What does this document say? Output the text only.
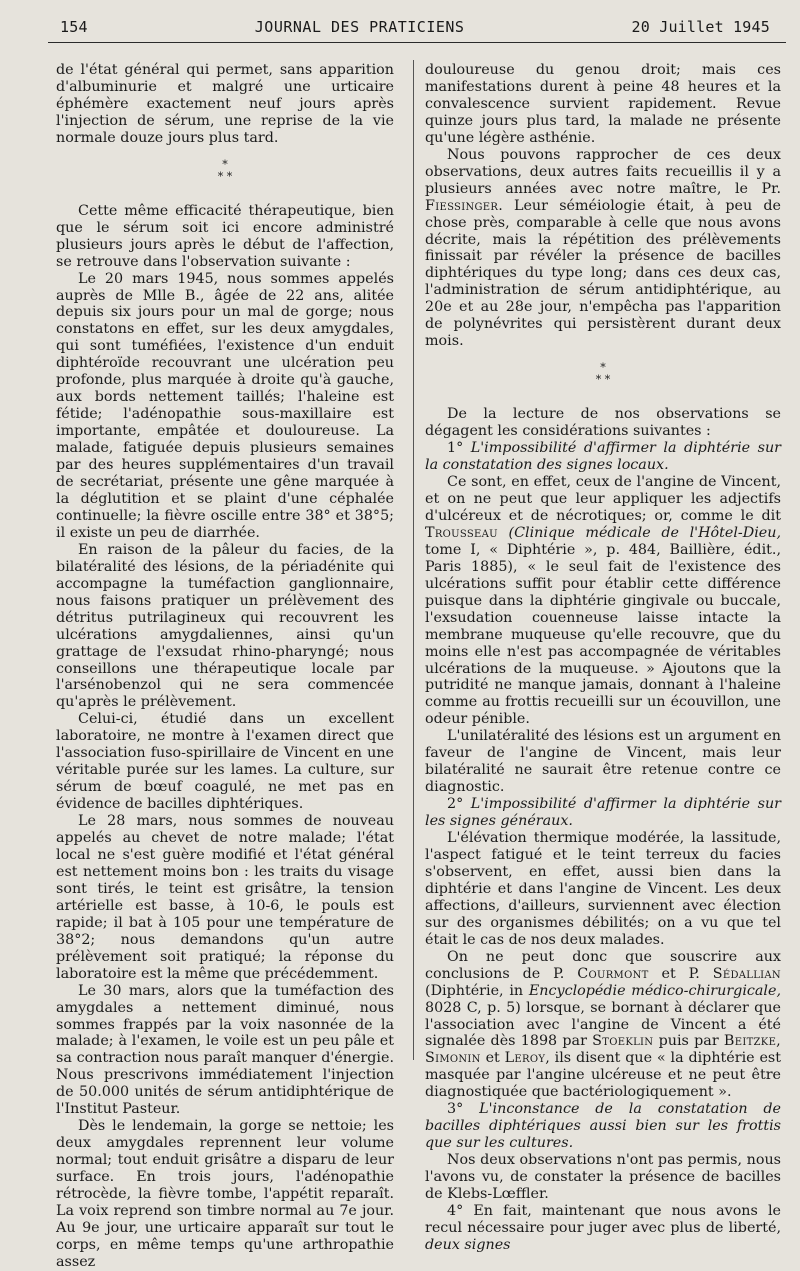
154	JOURNAL DES PRATICIENS	20 Juillet 1945

de l'état général qui permet, sans apparition d'albuminurie et malgré une urticaire éphémère exactement neuf jours après l'injection de sérum, une reprise de la vie normale douze jours plus tard.

*
* *

Cette même efficacité thérapeutique, bien que le sérum soit ici encore administré plusieurs jours après le début de l'affection, se retrouve dans l'observation suivante :

Le 20 mars 1945, nous sommes appelés auprès de Mlle B., âgée de 22 ans, alitée depuis six jours pour un mal de gorge; nous constatons en effet, sur les deux amygdales, qui sont tuméfiées, l'existence d'un enduit diphtéroïde recouvrant une ulcération peu profonde, plus marquée à droite qu'à gauche, aux bords nettement taillés; l'haleine est fétide; l'adénopathie sous-maxillaire est importante, empâtée et douloureuse. La malade, fatiguée depuis plusieurs semaines par des heures supplémentaires d'un travail de secrétariat, présente une gêne marquée à la déglutition et se plaint d'une céphalée continuelle; la fièvre oscille entre 38° et 38°5; il existe un peu de diarrhée.

En raison de la pâleur du facies, de la bilatéralité des lésions, de la périadénite qui accompagne la tuméfaction ganglionnaire, nous faisons pratiquer un prélèvement des détritus putrilagineux qui recouvrent les ulcérations amygdaliennes, ainsi qu'un grattage de l'exsudat rhino-pharyngé; nous conseillons une thérapeutique locale par l'arsénobenzol qui ne sera commencée qu'après le prélèvement.

Celui-ci, étudié dans un excellent laboratoire, ne montre à l'examen direct que l'association fuso-spirillaire de Vincent en une véritable purée sur les lames. La culture, sur sérum de bœuf coagulé, ne met pas en évidence de bacilles diphtériques.

Le 28 mars, nous sommes de nouveau appelés au chevet de notre malade; l'état local ne s'est guère modifié et l'état général est nettement moins bon : les traits du visage sont tirés, le teint est grisâtre, la tension artérielle est basse, à 10-6, le pouls est rapide; il bat à 105 pour une température de 38°2; nous demandons qu'un autre prélèvement soit pratiqué; la réponse du laboratoire est la même que précédemment.

Le 30 mars, alors que la tuméfaction des amygdales a nettement diminué, nous sommes frappés par la voix nasonnée de la malade; à l'examen, le voile est un peu pâle et sa contraction nous paraît manquer d'énergie. Nous prescrivons immédiatement l'injection de 50.000 unités de sérum antidiphtérique de l'Institut Pasteur.

Dès le lendemain, la gorge se nettoie; les deux amygdales reprennent leur volume normal; tout enduit grisâtre a disparu de leur surface. En trois jours, l'adénopathie rétrocède, la fièvre tombe, l'appétit reparaît. La voix reprend son timbre normal au 7e jour. Au 9e jour, une urticaire apparaît sur tout le corps, en même temps qu'une arthropathie assez

douloureuse du genou droit; mais ces manifestations durent à peine 48 heures et la convalescence survient rapidement. Revue quinze jours plus tard, la malade ne présente qu'une légère asthénie.

Nous pouvons rapprocher de ces deux observations, deux autres faits recueillis il y a plusieurs années avec notre maître, le Pr. Fiessinger. Leur séméiologie était, à peu de chose près, comparable à celle que nous avons décrite, mais la répétition des prélèvements finissait par révéler la présence de bacilles diphtériques du type long; dans ces deux cas, l'administration de sérum antidiphtérique, au 20e et au 28e jour, n'empêcha pas l'apparition de polynévrites qui persistèrent durant deux mois.

*
* *

De la lecture de nos observations se dégagent les considérations suivantes :

1° L'impossibilité d'affirmer la diphtérie sur la constatation des signes locaux.

Ce sont, en effet, ceux de l'angine de Vincent, et on ne peut que leur appliquer les adjectifs d'ulcéreux et de nécrotiques; or, comme le dit Trousseau (Clinique médicale de l'Hôtel-Dieu, tome I, « Diphtérie », p. 484, Baillière, édit., Paris 1885), « le seul fait de l'existence des ulcérations suffit pour établir cette différence puisque dans la diphtérie gingivale ou buccale, l'exsudation couenneuse laisse intacte la membrane muqueuse qu'elle recouvre, que du moins elle n'est pas accompagnée de véritables ulcérations de la muqueuse. » Ajoutons que la putridité ne manque jamais, donnant à l'haleine comme au frottis recueilli sur un écouvillon, une odeur pénible.

L'unilatéralité des lésions est un argument en faveur de l'angine de Vincent, mais leur bilatéralité ne saurait être retenue contre ce diagnostic.

2° L'impossibilité d'affirmer la diphtérie sur les signes généraux.

L'élévation thermique modérée, la lassitude, l'aspect fatigué et le teint terreux du facies s'observent, en effet, aussi bien dans la diphtérie et dans l'angine de Vincent. Les deux affections, d'ailleurs, surviennent avec élection sur des organismes débilités; on a vu que tel était le cas de nos deux malades.

On ne peut donc que souscrire aux conclusions de P. Courmont et P. Sédallian (Diphtérie, in Encyclopédie médico-chirurgicale, 8028 C, p. 5) lorsque, se bornant à déclarer que l'association avec l'angine de Vincent a été signalée dès 1898 par Stoeklin puis par Beitzke, Simonin et Leroy, ils disent que « la diphtérie est masquée par l'angine ulcéreuse et ne peut être diagnostiquée que bactériologiquement ».

3° L'inconstance de la constatation de bacilles diphtériques aussi bien sur les frottis que sur les cultures.

Nos deux observations n'ont pas permis, nous l'avons vu, de constater la présence de bacilles de Klebs-Lœffler.

4° En fait, maintenant que nous avons le recul nécessaire pour juger avec plus de liberté, deux signes
